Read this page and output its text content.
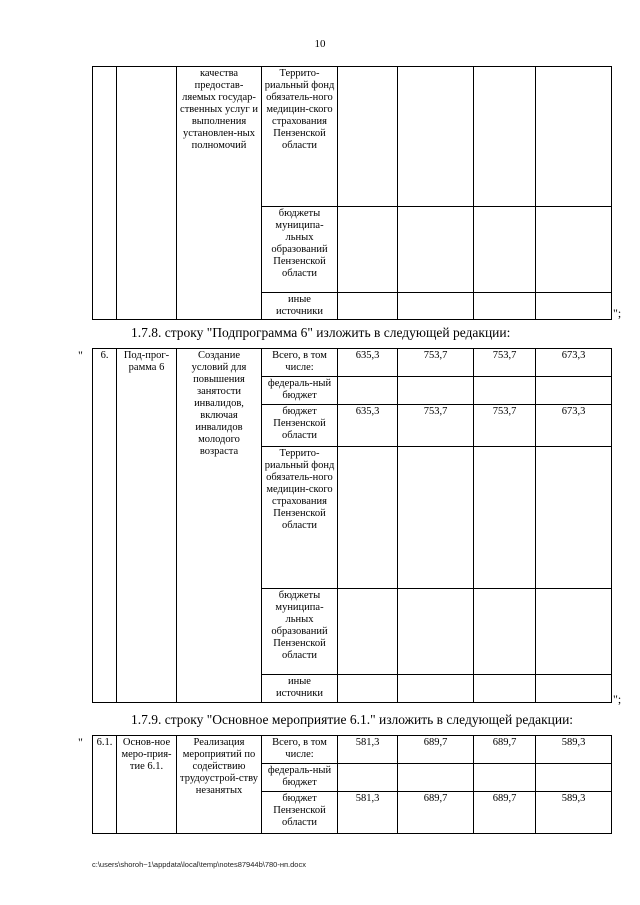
10
		качества предостав-ляемых государ-ственных услуг и выполнения установлен-ных полномочий	Террито-риальный фонд обязатель-ного медицин-ского страхования Пензенской области				
			бюджеты муниципа-льных образований Пензенской области				
			иные источники					";
1.7.8. строку "Подпрограмма 6" изложить в следующей редакции:
" 6.	Под-прог-рамма 6	Создание условий для повышения занятости инвалидов, включая инвалидов молодого возраста	Всего, в том числе:	635,3	753,7	753,7	673,3
			федераль-ный бюджет				
			бюджет Пензенской области	635,3	753,7	753,7	673,3
			Террито-риальный фонд обязатель-ного медицин-ского страхования Пензенской области				
			бюджеты муниципа-льных образований Пензенской области				
			иные источники					";
1.7.9. строку "Основное мероприятие 6.1." изложить в следующей редакции:
" 6.1.	Основ-ное меро-прия-тие 6.1.	Реализация мероприятий по содействию трудоустрой-ству незанятых	Всего, в том числе:	581,3	689,7	689,7	589,3
			федераль-ный бюджет				
			бюджет Пензенской области	581,3	689,7	689,7	589,3
c:\users\shoroh~1\appdata\local\temp\notes87944b\780-нп.docx
